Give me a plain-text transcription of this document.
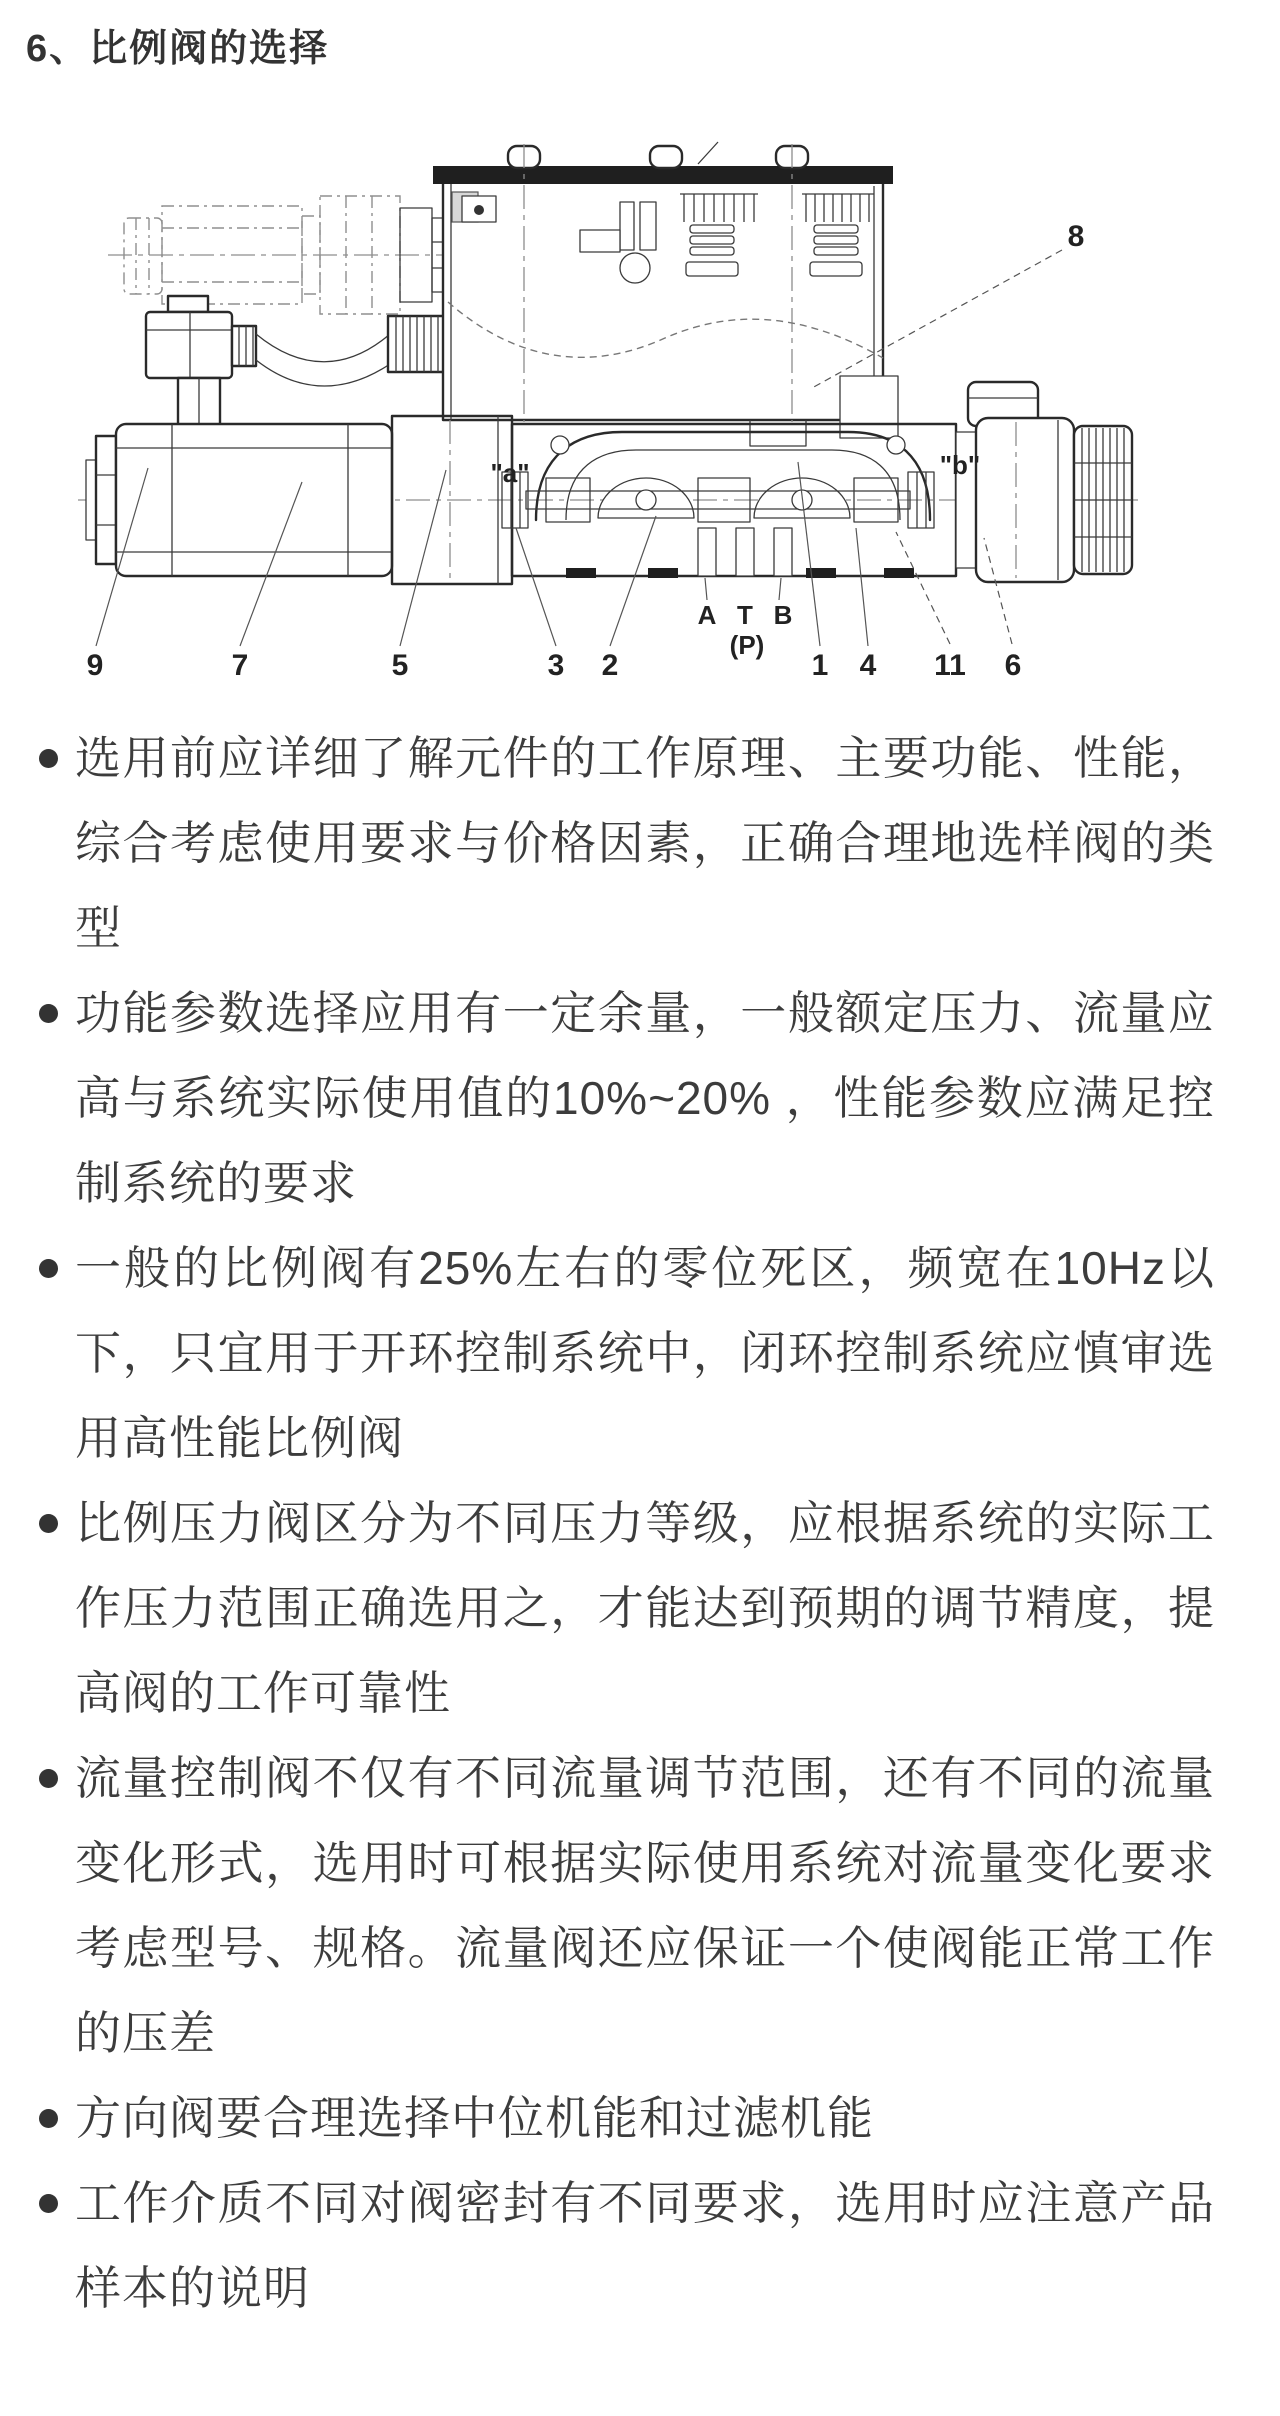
6、比例阀的选择
9	7	5	3 2	1 4 11 6
8
A T B
(P)
"a"	"b"
选用前应详细了解元件的工作原理、主要功能、性能，综合考虑使用要求与价格因素，正确合理地选样阀的类型
功能参数选择应用有一定余量，一般额定压力、流量应高与系统实际使用值的10%~20% ，性能参数应满足控制系统的要求
一般的比例阀有25%左右的零位死区，频宽在10Hz以下，只宜用于开环控制系统中，闭环控制系统应慎审选用高性能比例阀
比例压力阀区分为不同压力等级，应根据系统的实际工作压力范围正确选用之，才能达到预期的调节精度，提高阀的工作可靠性
流量控制阀不仅有不同流量调节范围，还有不同的流量变化形式，选用时可根据实际使用系统对流量变化要求考虑型号、规格。流量阀还应保证一个使阀能正常工作的压差
方向阀要合理选择中位机能和过滤机能
工作介质不同对阀密封有不同要求，选用时应注意产品样本的说明
